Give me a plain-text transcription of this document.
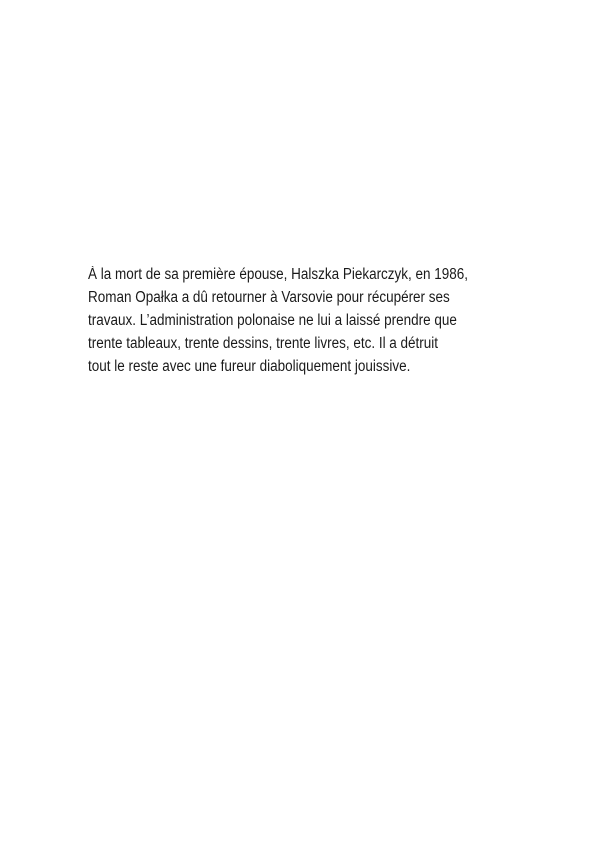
À la mort de sa première épouse, Halszka Piekarczyk, en 1986,
Roman Opałka a dû retourner à Varsovie pour récupérer ses
travaux. L’administration polonaise ne lui a laissé prendre que
trente tableaux, trente dessins, trente livres, etc. Il a détruit
tout le reste avec une fureur diaboliquement jouissive.
